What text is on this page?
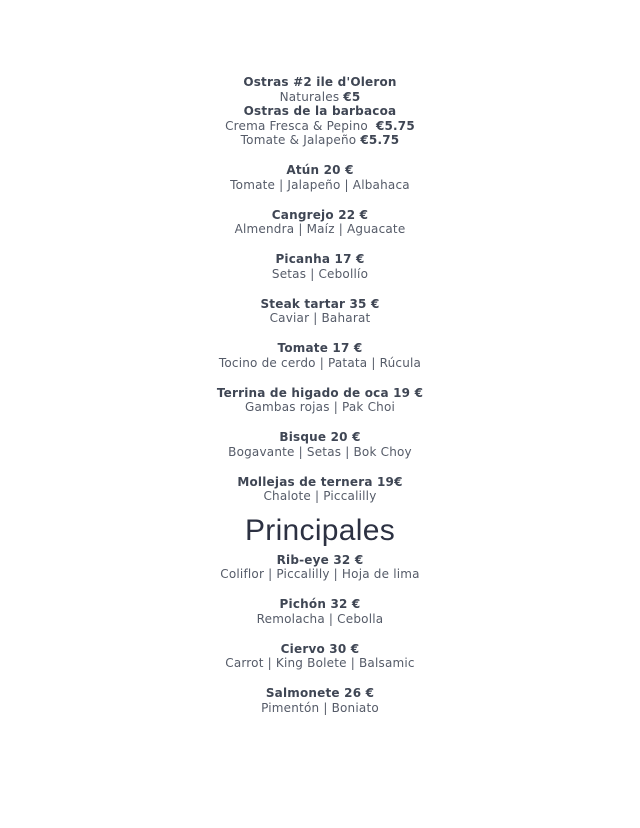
Ostras #2 ile d'Oleron
Naturales €5
Ostras de la barbacoa
Crema Fresca & Pepino  €5.75
Tomate & Jalapeño €5.75
Atún 20 €
Tomate | Jalapeño | Albahaca
Cangrejo 22 €
Almendra | Maíz | Aguacate
Picanha 17 €
Setas | Cebollío
Steak tartar 35 €
Caviar | Baharat
Tomate 17 €
Tocino de cerdo | Patata | Rúcula
Terrina de higado de oca 19 €
Gambas rojas | Pak Choi
Bisque 20 €
Bogavante | Setas | Bok Choy
Mollejas de ternera 19€
Chalote | Piccalilly
Principales
Rib-eye 32 €
Coliflor | Piccalilly | Hoja de lima
Pichón 32 €
Remolacha | Cebolla
Ciervo 30 €
Carrot | King Bolete | Balsamic
Salmonete 26 €
Pimentón | Boniato
